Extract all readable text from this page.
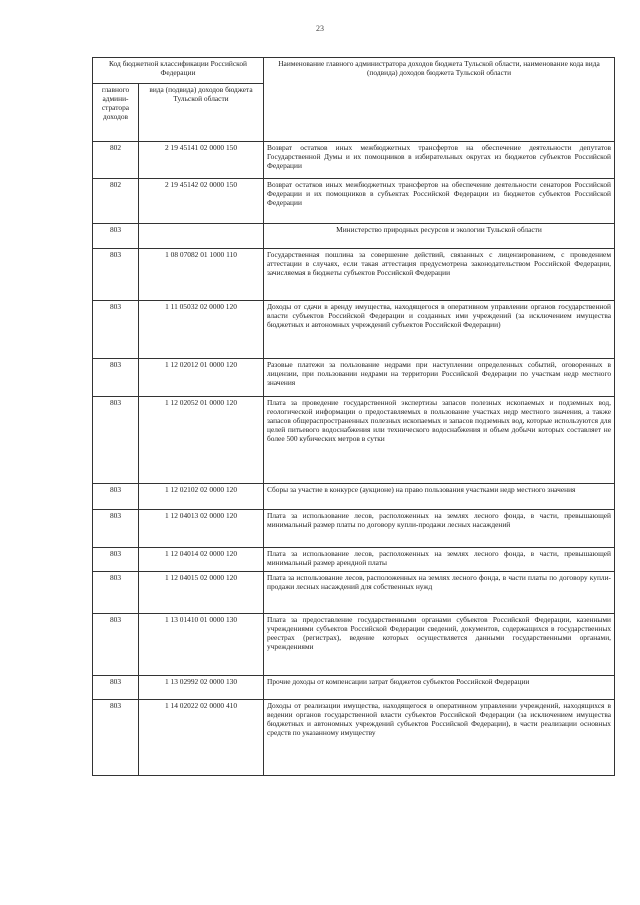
23
Код бюджетной классификации Российской Федерации		Наименование главного администратора доходов бюджета Тульской области, наименование кода вида (подвида) доходов бюджета Тульской области
главного админи-стратора доходов	вида (подвида) доходов бюджета Тульской области	
802	2 19 45141 02 0000 150	Возврат остатков иных межбюджетных трансфертов на обеспечение деятельности депутатов Государственной Думы и их помощников в избирательных округах из бюджетов субъектов Российской Федерации
802	2 19 45142 02 0000 150	Возврат остатков иных межбюджетных трансфертов на обеспечение деятельности сенаторов Российской Федерации и их помощников в субъектах Российской Федерации из бюджетов субъектов Российской Федерации
803		Министерство природных ресурсов и экологии Тульской области
803	1 08 07082 01 1000 110	Государственная пошлина за совершение действий, связанных с лицензированием, с проведением аттестации в случаях, если такая аттестация предусмотрена законодательством Российской Федерации, зачисляемая в бюджеты субъектов Российской Федерации
803	1 11 05032 02 0000 120	Доходы от сдачи в аренду имущества, находящегося в оперативном управлении органов государственной власти субъектов Российской Федерации и созданных ими учреждений (за исключением имущества бюджетных и автономных учреждений субъектов Российской Федерации)
803	1 12 02012 01 0000 120	Разовые платежи за пользование недрами при наступлении определенных событий, оговоренных в лицензии, при пользовании недрами на территории Российской Федерации по участкам недр местного значения
803	1 12 02052 01 0000 120	Плата за проведение государственной экспертизы запасов полезных ископаемых и подземных вод, геологической информации о предоставляемых в пользование участках недр местного значения, а также запасов общераспространенных полезных ископаемых и запасов подземных вод, которые используются для целей питьевого водоснабжения или технического водоснабжения и объем добычи которых составляет не более 500 кубических метров в сутки
803	1 12 02102 02 0000 120	Сборы за участие в конкурсе (аукционе) на право пользования участками недр местного значения
803	1 12 04013 02 0000 120	Плата за использование лесов, расположенных на землях лесного фонда, в части, превышающей минимальный размер платы по договору купли-продажи лесных насаждений
803	1 12 04014 02 0000 120	Плата за использование лесов, расположенных на землях лесного фонда, в части, превышающей минимальный размер арендной платы
803	1 12 04015 02 0000 120	Плата за использование лесов, расположенных на землях лесного фонда, в части платы по договору купли-продажи лесных насаждений для собственных нужд
803	1 13 01410 01 0000 130	Плата за предоставление государственными органами субъектов Российской Федерации, казенными учреждениями субъектов Российской Федерации сведений, документов, содержащихся в государственных реестрах (регистрах), ведение которых осуществляется данными государственными органами, учреждениями
803	1 13 02992 02 0000 130	Прочие доходы от компенсации затрат бюджетов субъектов Российской Федерации
803	1 14 02022 02 0000 410	Доходы от реализации имущества, находящегося в оперативном управлении учреждений, находящихся в ведении органов государственной власти субъектов Российской Федерации (за исключением имущества бюджетных и автономных учреждений субъектов Российской Федерации), в части реализации основных средств по указанному имуществу
